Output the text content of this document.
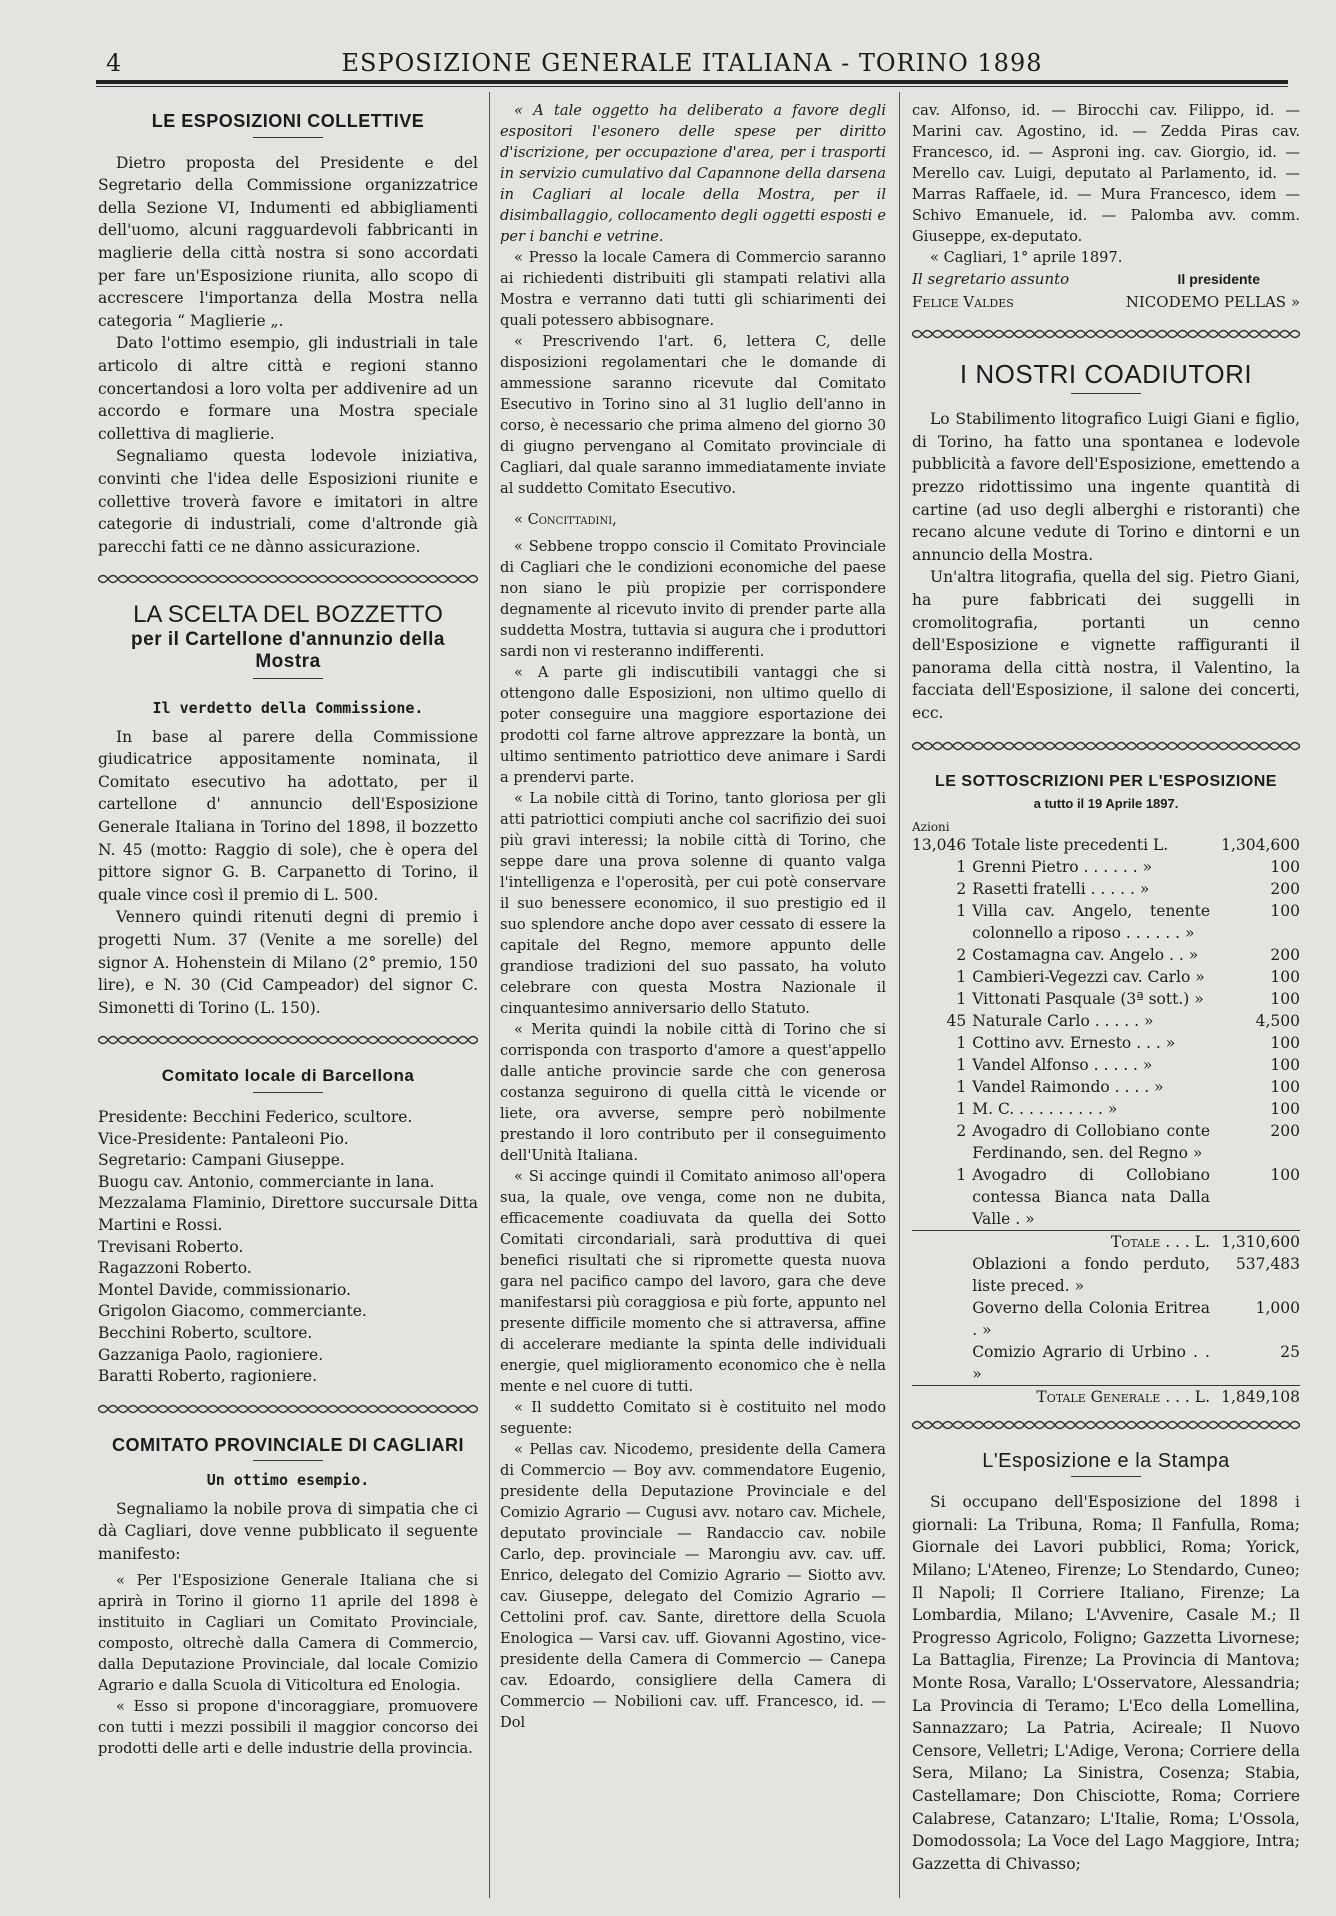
4	ESPOSIZIONE GENERALE ITALIANA - TORINO 1898
LE ESPOSIZIONI COLLETTIVE

Dietro proposta del Presidente e del Segretario della Commissione organizzatrice della Sezione VI, Indumenti ed abbigliamenti dell'uomo, alcuni ragguardevoli fabbricanti in maglierie della città nostra si sono accordati per fare un'Esposizione riunita, allo scopo di accrescere l'importanza della Mostra nella categoria “ Maglierie „.

Dato l'ottimo esempio, gli industriali in tale articolo di altre città e regioni stanno concertandosi a loro volta per addivenire ad un accordo e formare una Mostra speciale collettiva di maglierie.

Segnaliamo questa lodevole iniziativa, convinti che l'idea delle Esposizioni riunite e collettive troverà favore e imitatori in altre categorie di industriali, come d'altronde già parecchi fatti ce ne dànno assicurazione.

LA SCELTA DEL BOZZETTO
per il Cartellone d'annunzio della Mostra
Il verdetto della Commissione.

In base al parere della Commissione giudicatrice appositamente nominata, il Comitato esecutivo ha adottato, per il cartellone d' annuncio dell'Esposizione Generale Italiana in Torino del 1898, il bozzetto N. 45 (motto: Raggio di sole), che è opera del pittore signor G. B. Carpanetto di Torino, il quale vince così il premio di L. 500.

Vennero quindi ritenuti degni di premio i progetti Num. 37 (Venite a me sorelle) del signor A. Hohenstein di Milano (2° premio, 150 lire), e N. 30 (Cid Campeador) del signor C. Simonetti di Torino (L. 150).

Comitato locale di Barcellona

Presidente: Becchini Federico, scultore.

Vice-Presidente: Pantaleoni Pio.

Segretario: Campani Giuseppe.

Buogu cav. Antonio, commerciante in lana.

Mezzalama Flaminio, Direttore succursale Ditta Martini e Rossi.

Trevisani Roberto.

Ragazzoni Roberto.

Montel Davide, commissionario.

Grigolon Giacomo, commerciante.

Becchini Roberto, scultore.

Gazzaniga Paolo, ragioniere.

Baratti Roberto, ragioniere.

COMITATO PROVINCIALE DI CAGLIARI
Un ottimo esempio.

Segnaliamo la nobile prova di simpatia che ci dà Cagliari, dove venne pubblicato il seguente manifesto:

« Per l'Esposizione Generale Italiana che si aprirà in Torino il giorno 11 aprile del 1898 è instituito in Cagliari un Comitato Provinciale, composto, oltrechè dalla Camera di Commercio, dalla Deputazione Provinciale, dal locale Comizio Agrario e dalla Scuola di Viticoltura ed Enologia.

« Esso si propone d'incoraggiare, promuovere con tutti i mezzi possibili il maggior concorso dei prodotti delle arti e delle industrie della provincia.

« A tale oggetto ha deliberato a favore degli espositori l'esonero delle spese per diritto d'iscrizione, per occupazione d'area, per i trasporti in servizio cumulativo dal Capannone della darsena in Cagliari al locale della Mostra, per il disimballaggio, collocamento degli oggetti esposti e per i banchi e vetrine.

« Presso la locale Camera di Commercio saranno ai richiedenti distribuiti gli stampati relativi alla Mostra e verranno dati tutti gli schiarimenti dei quali potessero abbisognare.

« Prescrivendo l'art. 6, lettera C, delle disposizioni regolamentari che le domande di ammessione saranno ricevute dal Comitato Esecutivo in Torino sino al 31 luglio dell'anno in corso, è necessario che prima almeno del giorno 30 di giugno pervengano al Comitato provinciale di Cagliari, dal quale saranno immediatamente inviate al suddetto Comitato Esecutivo.

« Concittadini,

« Sebbene troppo conscio il Comitato Provinciale di Cagliari che le condizioni economiche del paese non siano le più propizie per corrispondere degnamente al ricevuto invito di prender parte alla suddetta Mostra, tuttavia si augura che i produttori sardi non vi resteranno indifferenti.

« A parte gli indiscutibili vantaggi che si ottengono dalle Esposizioni, non ultimo quello di poter conseguire una maggiore esportazione dei prodotti col farne altrove apprezzare la bontà, un ultimo sentimento patriottico deve animare i Sardi a prendervi parte.

« La nobile città di Torino, tanto gloriosa per gli atti patriottici compiuti anche col sacrifizio dei suoi più gravi interessi; la nobile città di Torino, che seppe dare una prova solenne di quanto valga l'intelligenza e l'operosità, per cui potè conservare il suo benessere economico, il suo prestigio ed il suo splendore anche dopo aver cessato di essere la capitale del Regno, memore appunto delle grandiose tradizioni del suo passato, ha voluto celebrare con questa Mostra Nazionale il cinquantesimo anniversario dello Statuto.

« Merita quindi la nobile città di Torino che si corrisponda con trasporto d'amore a quest'appello dalle antiche provincie sarde che con generosa costanza seguirono di quella città le vicende or liete, ora avverse, sempre però nobilmente prestando il loro contributo per il conseguimento dell'Unità Italiana.

« Si accinge quindi il Comitato animoso all'opera sua, la quale, ove venga, come non ne dubita, efficacemente coadiuvata da quella dei Sotto Comitati circondariali, sarà produttiva di quei benefici risultati che si ripromette questa nuova gara nel pacifico campo del lavoro, gara che deve manifestarsi più coraggiosa e più forte, appunto nel presente difficile momento che si attraversa, affine di accelerare mediante la spinta delle individuali energie, quel miglioramento economico che è nella mente e nel cuore di tutti.

« Il suddetto Comitato si è costituito nel modo seguente:

« Pellas cav. Nicodemo, presidente della Camera di Commercio — Boy avv. commendatore Eugenio, presidente della Deputazione Provinciale e del Comizio Agrario — Cugusi avv. notaro cav. Michele, deputato provinciale — Randaccio cav. nobile Carlo, dep. provinciale — Marongiu avv. cav. uff. Enrico, delegato del Comizio Agrario — Siotto avv. cav. Giuseppe, delegato del Comizio Agrario — Cettolini prof. cav. Sante, direttore della Scuola Enologica — Varsi cav. uff. Giovanni Agostino, vice-presidente della Camera di Commercio — Canepa cav. Edoardo, consigliere della Camera di Commercio — Nobilioni cav. uff. Francesco, id. — Dol

cav. Alfonso, id. — Birocchi cav. Filippo, id. — Marini cav. Agostino, id. — Zedda Piras cav. Francesco, id. — Asproni ing. cav. Giorgio, id. — Merello cav. Luigi, deputato al Parlamento, id. — Marras Raffaele, id. — Mura Francesco, idem — Schivo Emanuele, id. — Palomba avv. comm. Giuseppe, ex-deputato.

« Cagliari, 1° aprile 1897.

Il segretario assunto	Il presidente
Felice Valdes	NICODEMO PELLAS »
I NOSTRI COADIUTORI

Lo Stabilimento litografico Luigi Giani e figlio, di Torino, ha fatto una spontanea e lodevole pubblicità a favore dell'Esposizione, emettendo a prezzo ridottissimo una ingente quantità di cartine (ad uso degli alberghi e ristoranti) che recano alcune vedute di Torino e dintorni e un annuncio della Mostra.

Un'altra litografia, quella del sig. Pietro Giani, ha pure fabbricati dei suggelli in cromolitografia, portanti un cenno dell'Esposizione e vignette raffiguranti il panorama della città nostra, il Valentino, la facciata dell'Esposizione, il salone dei concerti, ecc.

LE SOTTOSCRIZIONI PER L'ESPOSIZIONE

a tutto il 19 Aprile 1897.

Azioni

13,046	Totale liste precedenti L.	1,304,600
1	Grenni Pietro . . . . . . »	100
2	Rasetti fratelli . . . . . »	200
1	Villa cav. Angelo, tenente colonnello a riposo . . . . . . »	100
2	Costamagna cav. Angelo . . »	200
1	Cambieri-Vegezzi cav. Carlo »	100
1	Vittonati Pasquale (3ª sott.) »	100
45	Naturale Carlo . . . . . »	4,500
1	Cottino avv. Ernesto . . . »	100
1	Vandel Alfonso . . . . . »	100
1	Vandel Raimondo . . . . »	100
1	M. C. . . . . . . . . . »	100
2	Avogadro di Collobiano conte Ferdinando, sen. del Regno »	200
1	Avogadro di Collobiano contessa Bianca nata Dalla Valle . »	100
	Totale . . . L.	1,310,600
	Oblazioni a fondo perduto, liste preced. »	537,483
	Governo della Colonia Eritrea . »	1,000
	Comizio Agrario di Urbino . . »	25
	Totale Generale . . . L.	1,849,108
L'Esposizione e la Stampa

Si occupano dell'Esposizione del 1898 i giornali: La Tribuna, Roma; Il Fanfulla, Roma; Giornale dei Lavori pubblici, Roma; Yorick, Milano; L'Ateneo, Firenze; Lo Stendardo, Cuneo; Il Napoli; Il Corriere Italiano, Firenze; La Lombardia, Milano; L'Avvenire, Casale M.; Il Progresso Agricolo, Foligno; Gazzetta Livornese; La Battaglia, Firenze; La Provincia di Mantova; Monte Rosa, Varallo; L'Osservatore, Alessandria; La Provincia di Teramo; L'Eco della Lomellina, Sannazzaro; La Patria, Acireale; Il Nuovo Censore, Velletri; L'Adige, Verona; Corriere della Sera, Milano; La Sinistra, Cosenza; Stabia, Castellamare; Don Chisciotte, Roma; Corriere Calabrese, Catanzaro; L'Italie, Roma; L'Ossola, Domodossola; La Voce del Lago Maggiore, Intra; Gazzetta di Chivasso;
